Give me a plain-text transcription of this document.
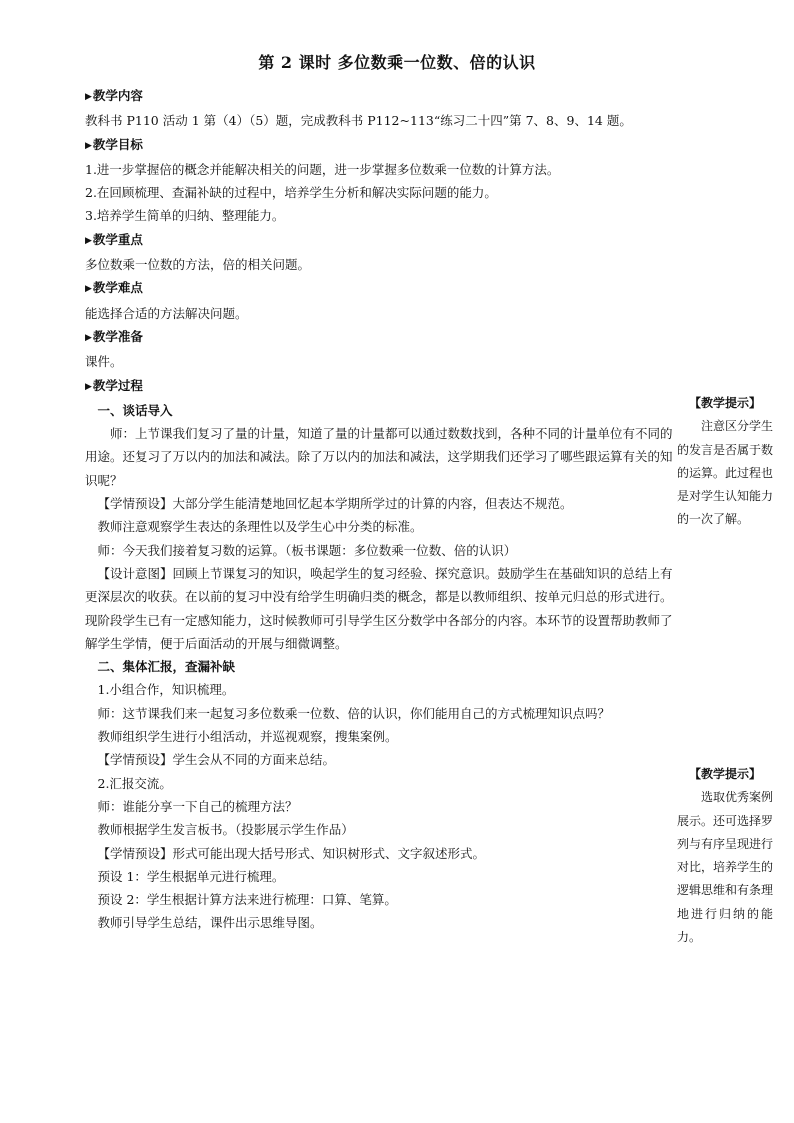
第 2 课时 多位数乘一位数、倍的认识

▶教学内容

教科书 P110 活动 1 第（4）（5）题，完成教科书 P112~113“练习二十四”第 7、8、9、14 题。

▶教学目标

1.进一步掌握倍的概念并能解决相关的问题，进一步掌握多位数乘一位数的计算方法。

2.在回顾梳理、查漏补缺的过程中，培养学生分析和解决实际问题的能力。

3.培养学生简单的归纳、整理能力。

▶教学重点

多位数乘一位数的方法，倍的相关问题。

▶教学难点

能选择合适的方法解决问题。

▶教学准备

课件。

▶教学过程

一、谈话导入

师：上节课我们复习了量的计量，知道了量的计量都可以通过数数找到，各种不同的计量单位有不同的用途。还复习了万以内的加法和减法。除了万以内的加法和减法，这学期我们还学习了哪些跟运算有关的知识呢？

【学情预设】大部分学生能清楚地回忆起本学期所学过的计算的内容，但表达不规范。

教师注意观察学生表达的条理性以及学生心中分类的标准。

师：今天我们接着复习数的运算。（板书课题：多位数乘一位数、倍的认识）

【设计意图】回顾上节课复习的知识，唤起学生的复习经验、探究意识。鼓励学生在基础知识的总结上有更深层次的收获。在以前的复习中没有给学生明确归类的概念，都是以教师组织、按单元归总的形式进行。现阶段学生已有一定感知能力，这时候教师可引导学生区分数学中各部分的内容。本环节的设置帮助教师了解学生学情，便于后面活动的开展与细微调整。

二、集体汇报，查漏补缺

1.小组合作，知识梳理。

师：这节课我们来一起复习多位数乘一位数、倍的认识，你们能用自己的方式梳理知识点吗？

教师组织学生进行小组活动，并巡视观察，搜集案例。

【学情预设】学生会从不同的方面来总结。

2.汇报交流。

师：谁能分享一下自己的梳理方法？

教师根据学生发言板书。（投影展示学生作品）

【学情预设】形式可能出现大括号形式、知识树形式、文字叙述形式。

预设 1：学生根据单元进行梳理。

预设 2：学生根据计算方法来进行梳理：口算、笔算。

教师引导学生总结，课件出示思维导图。

【教学提示】

注意区分学生的发言是否属于数的运算。此过程也是对学生认知能力的一次了解。

【教学提示】

选取优秀案例展示。还可选择罗列与有序呈现进行对比，培养学生的逻辑思维和有条理地进行归纳的能力。
